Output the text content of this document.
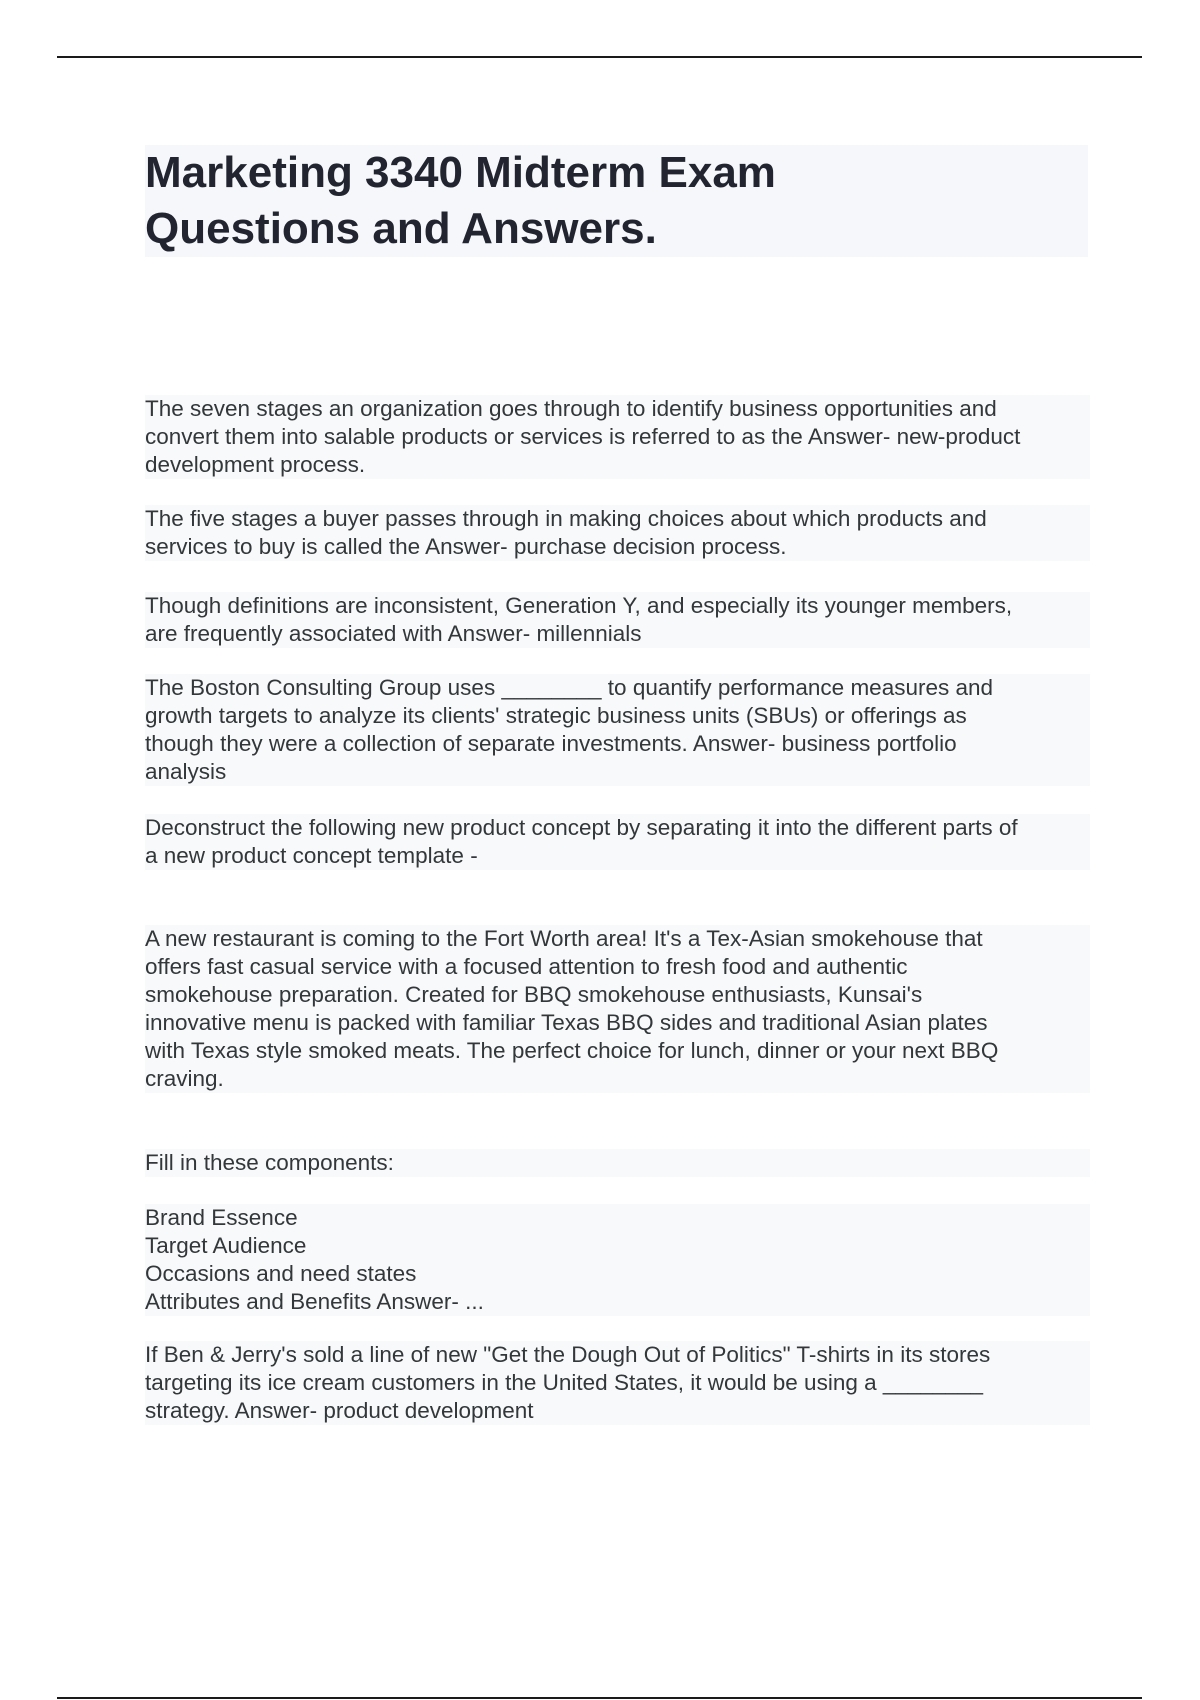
Marketing 3340 Midterm Exam
Questions and Answers.

The seven stages an organization goes through to identify business opportunities and
convert them into salable products or services is referred to as the Answer- new-product
development process.

The five stages a buyer passes through in making choices about which products and
services to buy is called the Answer- purchase decision process.

Though definitions are inconsistent, Generation Y, and especially its younger members,
are frequently associated with Answer- millennials

The Boston Consulting Group uses ________ to quantify performance measures and
growth targets to analyze its clients' strategic business units (SBUs) or offerings as
though they were a collection of separate investments. Answer- business portfolio
analysis

Deconstruct the following new product concept by separating it into the different parts of
a new product concept template -

A new restaurant is coming to the Fort Worth area! It's a Tex-Asian smokehouse that
offers fast casual service with a focused attention to fresh food and authentic
smokehouse preparation. Created for BBQ smokehouse enthusiasts, Kunsai's
innovative menu is packed with familiar Texas BBQ sides and traditional Asian plates
with Texas style smoked meats. The perfect choice for lunch, dinner or your next BBQ
craving.

Fill in these components:

Brand Essence
Target Audience
Occasions and need states
Attributes and Benefits Answer- ...

If Ben & Jerry's sold a line of new "Get the Dough Out of Politics" T-shirts in its stores
targeting its ice cream customers in the United States, it would be using a ________
strategy. Answer- product development
